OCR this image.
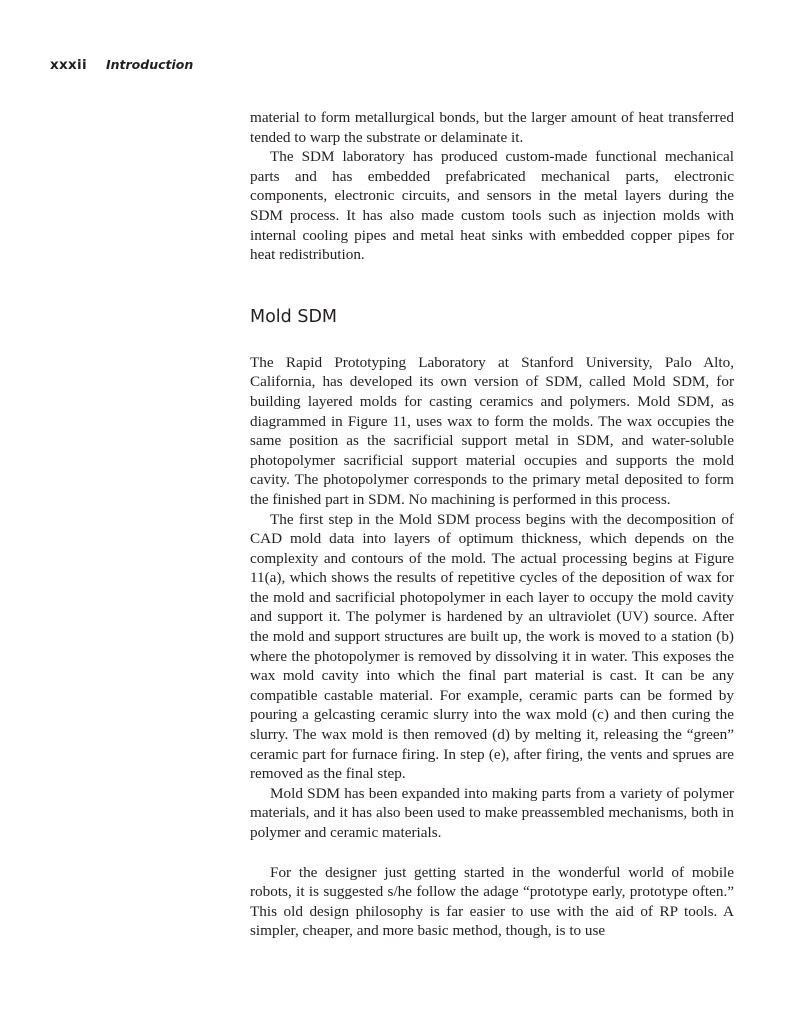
xxxii Introduction

material to form metallurgical bonds, but the larger amount of heat transferred tended to warp the substrate or delaminate it.

The SDM laboratory has produced custom-made functional mechanical parts and has embedded prefabricated mechanical parts, electronic components, electronic circuits, and sensors in the metal layers during the SDM process. It has also made custom tools such as injection molds with internal cooling pipes and metal heat sinks with embedded copper pipes for heat redistribution.

Mold SDM

The Rapid Prototyping Laboratory at Stanford University, Palo Alto, California, has developed its own version of SDM, called Mold SDM, for building layered molds for casting ceramics and polymers. Mold SDM, as diagrammed in Figure 11, uses wax to form the molds. The wax occupies the same position as the sacrificial support metal in SDM, and water-soluble photopolymer sacrificial support material occupies and supports the mold cavity. The photopolymer corresponds to the primary metal deposited to form the finished part in SDM. No machining is performed in this process.

The first step in the Mold SDM process begins with the decomposition of CAD mold data into layers of optimum thickness, which depends on the complexity and contours of the mold. The actual processing begins at Figure 11(a), which shows the results of repetitive cycles of the deposition of wax for the mold and sacrificial photopolymer in each layer to occupy the mold cavity and support it. The polymer is hardened by an ultraviolet (UV) source. After the mold and support structures are built up, the work is moved to a station (b) where the photopolymer is removed by dissolving it in water. This exposes the wax mold cavity into which the final part material is cast. It can be any compatible castable material. For example, ceramic parts can be formed by pouring a gelcasting ceramic slurry into the wax mold (c) and then curing the slurry. The wax mold is then removed (d) by melting it, releasing the “green” ceramic part for furnace firing. In step (e), after firing, the vents and sprues are removed as the final step.

Mold SDM has been expanded into making parts from a variety of polymer materials, and it has also been used to make preassembled mechanisms, both in polymer and ceramic materials.

For the designer just getting started in the wonderful world of mobile robots, it is suggested s/he follow the adage “prototype early, prototype often.” This old design philosophy is far easier to use with the aid of RP tools. A simpler, cheaper, and more basic method, though, is to use
